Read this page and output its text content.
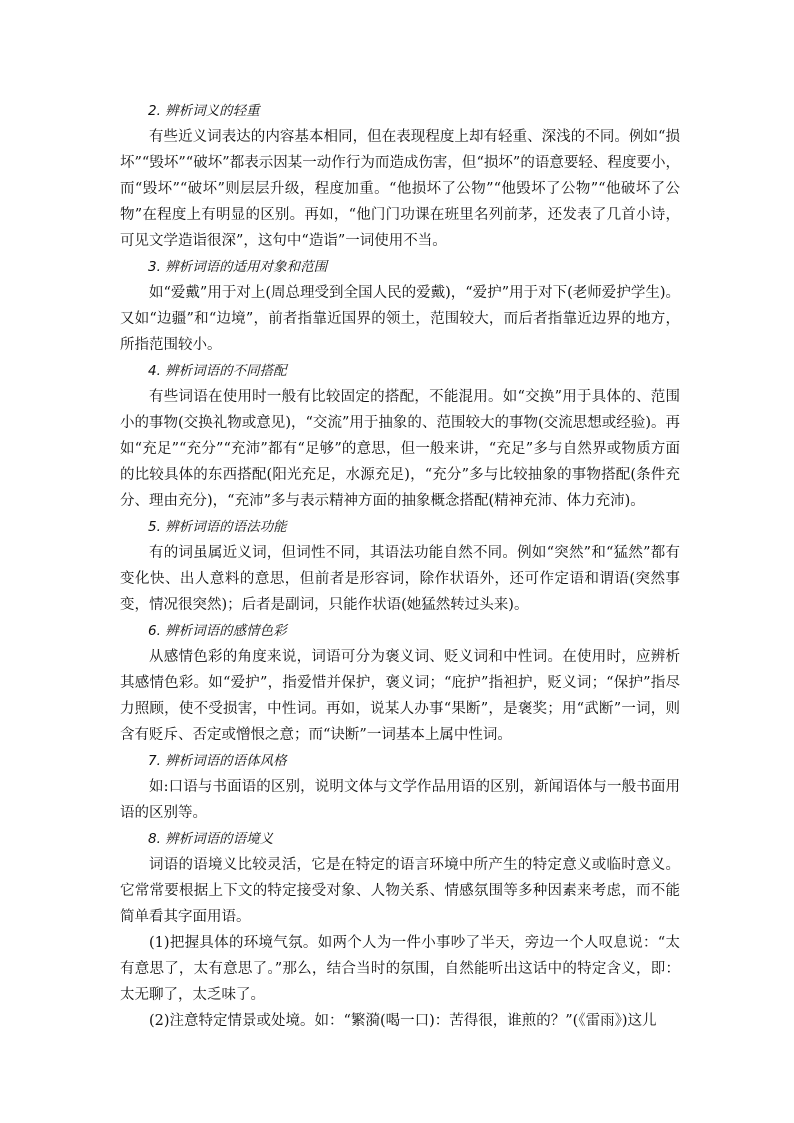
2. 辨析词义的轻重

有些近义词表达的内容基本相同，但在表现程度上却有轻重、深浅的不同。例如“损坏”“毁坏”“破坏”都表示因某一动作行为而造成伤害，但“损坏”的语意要轻、程度要小，而“毁坏”“破坏”则层层升级，程度加重。“他损坏了公物”“他毁坏了公物”“他破坏了公物”在程度上有明显的区别。再如，“他门门功课在班里名列前茅，还发表了几首小诗，可见文学造诣很深”，这句中“造诣”一词使用不当。

3. 辨析词语的适用对象和范围

如“爱戴”用于对上(周总理受到全国人民的爱戴)，“爱护”用于对下(老师爱护学生)。又如“边疆”和“边境”，前者指靠近国界的领土，范围较大，而后者指靠近边界的地方，所指范围较小。

4. 辨析词语的不同搭配

有些词语在使用时一般有比较固定的搭配，不能混用。如“交换”用于具体的、范围小的事物(交换礼物或意见)，“交流”用于抽象的、范围较大的事物(交流思想或经验)。再如“充足”“充分”“充沛”都有“足够”的意思，但一般来讲，“充足”多与自然界或物质方面的比较具体的东西搭配(阳光充足，水源充足)，“充分”多与比较抽象的事物搭配(条件充分、理由充分)，“充沛”多与表示精神方面的抽象概念搭配(精神充沛、体力充沛)。

5. 辨析词语的语法功能

有的词虽属近义词，但词性不同，其语法功能自然不同。例如“突然”和“猛然”都有变化快、出人意料的意思，但前者是形容词，除作状语外，还可作定语和谓语(突然事变，情况很突然)；后者是副词，只能作状语(她猛然转过头来)。

6. 辨析词语的感情色彩

从感情色彩的角度来说，词语可分为褒义词、贬义词和中性词。在使用时，应辨析其感情色彩。如“爱护”，指爱惜并保护，褒义词；“庇护”指袒护，贬义词；“保护”指尽力照顾，使不受损害，中性词。再如，说某人办事“果断”，是褒奖；用“武断”一词，则含有贬斥、否定或憎恨之意；而“诀断”一词基本上属中性词。

7. 辨析词语的语体风格

如:口语与书面语的区别，说明文体与文学作品用语的区别，新闻语体与一般书面用语的区别等。

8. 辨析词语的语境义

词语的语境义比较灵活，它是在特定的语言环境中所产生的特定意义或临时意义。它常常要根据上下文的特定接受对象、人物关系、情感氛围等多种因素来考虑，而不能简单看其字面用语。

(1)把握具体的环境气氛。如两个人为一件小事吵了半天，旁边一个人叹息说：“太有意思了，太有意思了。”那么，结合当时的氛围，自然能听出这话中的特定含义，即：太无聊了，太乏味了。

(2)注意特定情景或处境。如：“繁漪(喝一口)：苦得很，谁煎的？”(《雷雨》)这儿
